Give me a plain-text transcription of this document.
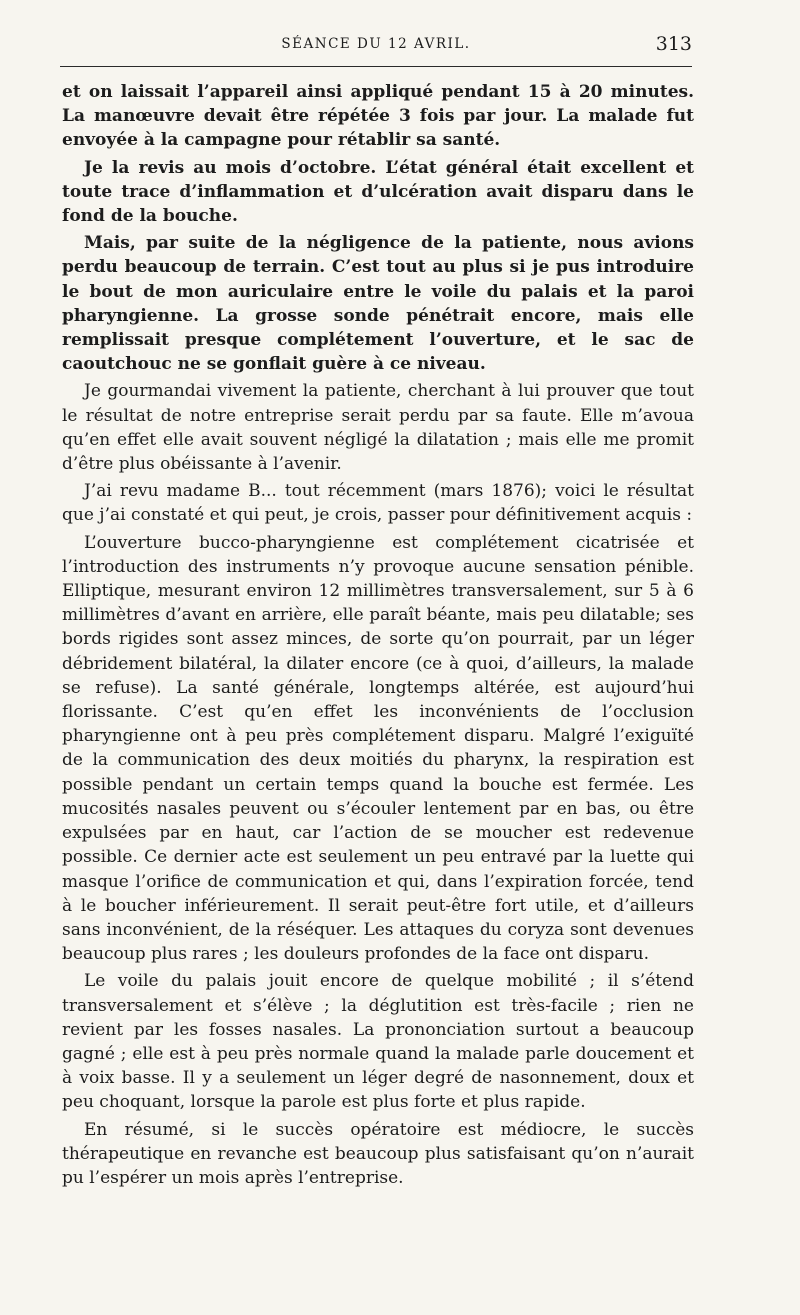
SÉANCE DU 12 AVRIL.	313

et on laissait l’appareil ainsi appliqué pendant 15 à 20 minutes. La manœuvre devait être répétée 3 fois par jour. La malade fut envoyée à la campagne pour rétablir sa santé.

Je la revis au mois d’octobre. L’état général était excellent et toute trace d’inflammation et d’ulcération avait disparu dans le fond de la bouche.

Mais, par suite de la négligence de la patiente, nous avions perdu beaucoup de terrain. C’est tout au plus si je pus introduire le bout de mon auriculaire entre le voile du palais et la paroi pharyngienne. La grosse sonde pénétrait encore, mais elle remplissait presque complétement l’ouverture, et le sac de caoutchouc ne se gonflait guère à ce niveau.

Je gourmandai vivement la patiente, cherchant à lui prouver que tout le résultat de notre entreprise serait perdu par sa faute. Elle m’avoua qu’en effet elle avait souvent négligé la dilatation ; mais elle me promit d’être plus obéissante à l’avenir.

J’ai revu madame B... tout récemment (mars 1876); voici le résultat que j’ai constaté et qui peut, je crois, passer pour définitivement acquis :

L’ouverture bucco-pharyngienne est complétement cicatrisée et l’introduction des instruments n’y provoque aucune sensation pénible. Elliptique, mesurant environ 12 millimètres transversalement, sur 5 à 6 millimètres d’avant en arrière, elle paraît béante, mais peu dilatable; ses bords rigides sont assez minces, de sorte qu’on pourrait, par un léger débridement bilatéral, la dilater encore (ce à quoi, d’ailleurs, la malade se refuse). La santé générale, longtemps altérée, est aujourd’hui florissante. C’est qu’en effet les inconvénients de l’occlusion pharyngienne ont à peu près complétement disparu. Malgré l’exiguïté de la communication des deux moitiés du pharynx, la respiration est possible pendant un certain temps quand la bouche est fermée. Les mucosités nasales peuvent ou s’écouler lentement par en bas, ou être expulsées par en haut, car l’action de se moucher est redevenue possible. Ce dernier acte est seulement un peu entravé par la luette qui masque l’orifice de communication et qui, dans l’expiration forcée, tend à le boucher inférieurement. Il serait peut-être fort utile, et d’ailleurs sans inconvénient, de la réséquer. Les attaques du coryza sont devenues beaucoup plus rares ; les douleurs profondes de la face ont disparu.

Le voile du palais jouit encore de quelque mobilité ; il s’étend transversalement et s’élève ; la déglutition est très-facile ; rien ne revient par les fosses nasales. La prononciation surtout a beaucoup gagné ; elle est à peu près normale quand la malade parle doucement et à voix basse. Il y a seulement un léger degré de nasonnement, doux et peu choquant, lorsque la parole est plus forte et plus rapide.

En résumé, si le succès opératoire est médiocre, le succès thérapeutique en revanche est beaucoup plus satisfaisant qu’on n’aurait pu l’espérer un mois après l’entreprise.
